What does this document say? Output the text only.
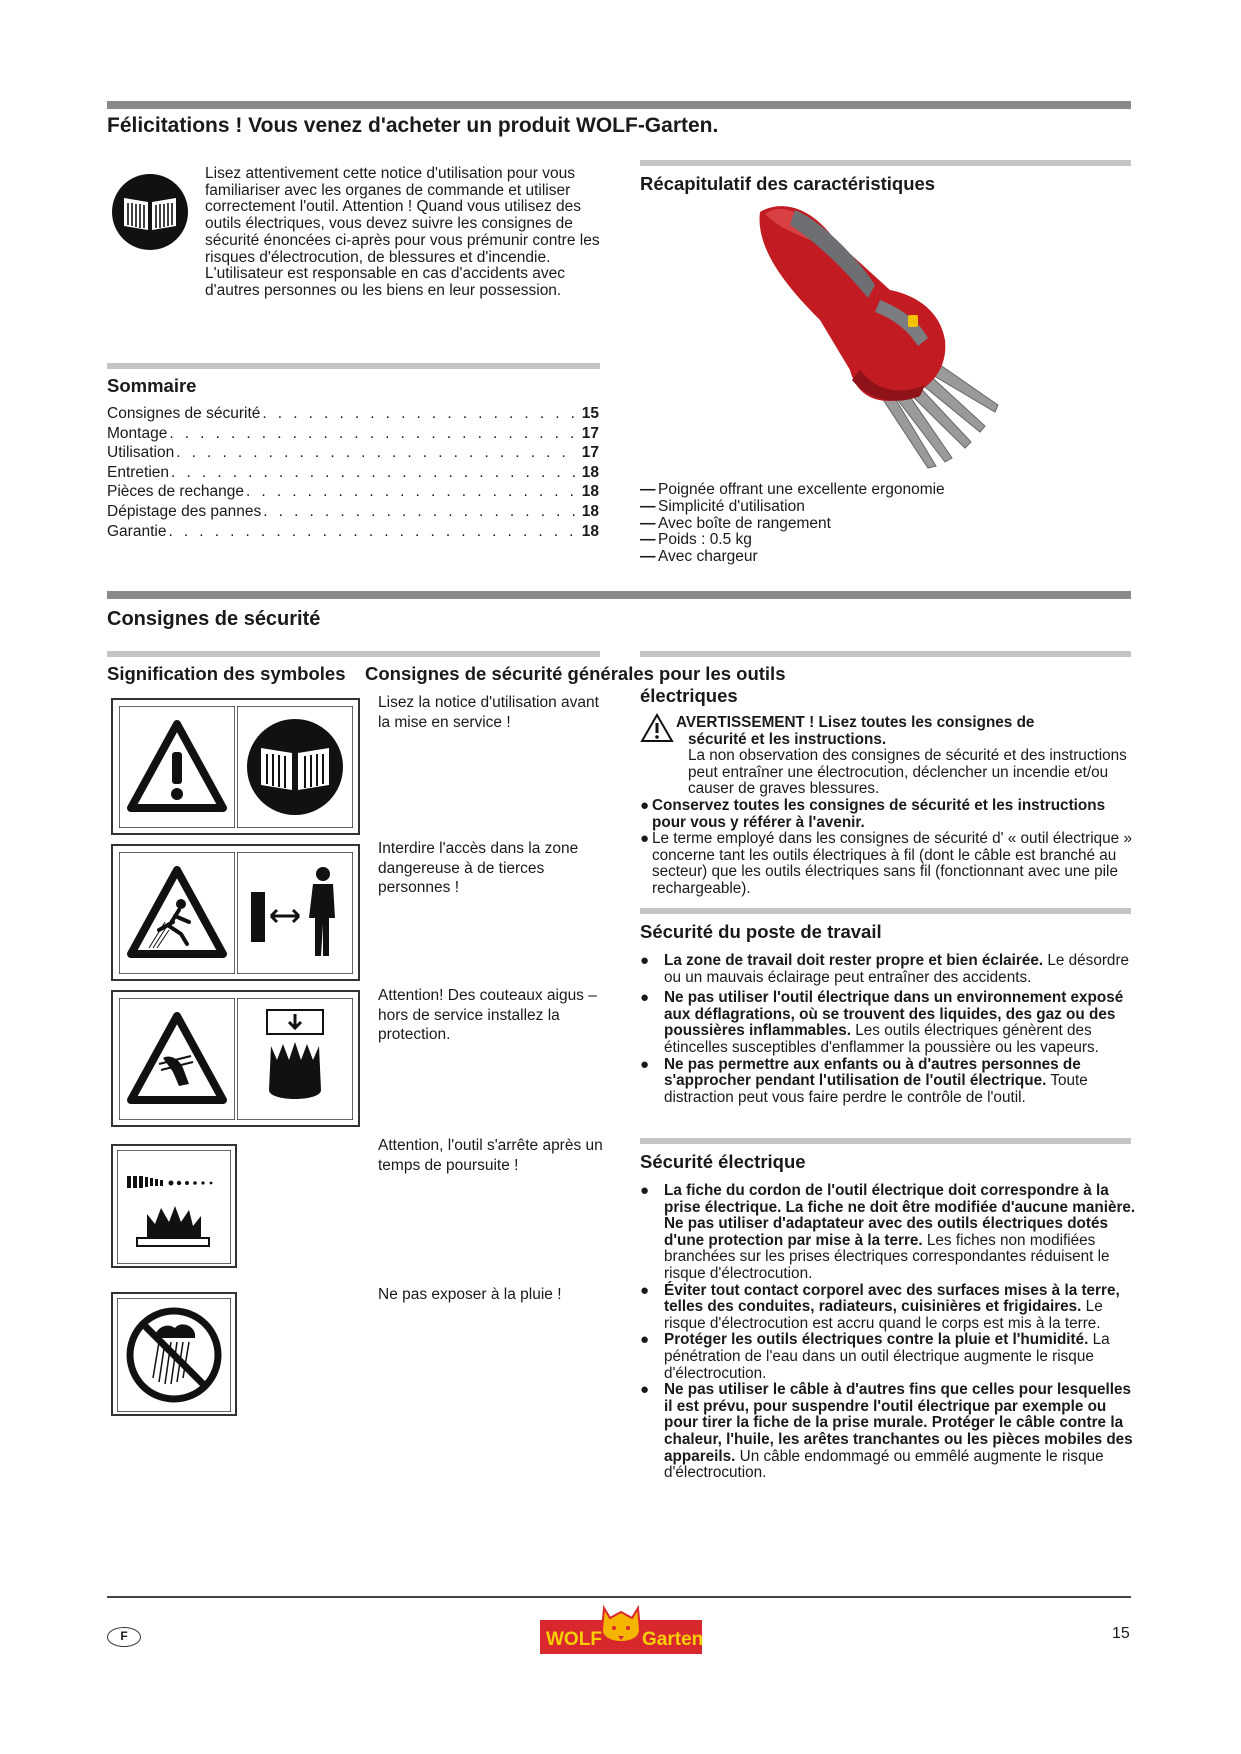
Félicitations ! Vous venez d'acheter un produit WOLF-Garten.

Lisez attentivement cette notice d'utilisation pour vous familiariser avec les organes de commande et utiliser correctement l'outil. Attention ! Quand vous utilisez des outils électriques, vous devez suivre les consignes de sécurité énoncées ci-après pour vous prémunir contre les risques d'électrocution, de blessures et d'incendie. L'utilisateur est responsable en cas d'accidents avec d'autres personnes ou les biens en leur possession.

Récapitulatif des caractéristiques
— Poignée offrant une excellente ergonomie
— Simplicité d'utilisation
— Avec boîte de rangement
— Poids : 0.5 kg
— Avec chargeur
Sommaire
Consignes de sécurité . . .	15
Montage . . .	17
Utilisation . . .	17
Entretien . . .	18
Pièces de rechange . . .	18
Dépistage des pannes . . .	18
Garantie . . .	18
Consignes de sécurité
Signification des symboles

Lisez la notice d'utilisation avant la mise en service !

Interdire l'accès dans la zone dangereuse à de tierces personnes !

Attention! Des couteaux aigus – hors de service installez la protection.

Attention, l'outil s'arrête après un temps de poursuite !

Ne pas exposer à la pluie !

Consignes de sécurité générales pour les outils
électriques

AVERTISSEMENT ! Lisez toutes les consignes de

sécurité et les instructions.

La non observation des consignes de sécurité et des instructions peut entraîner une électrocution, déclencher un incendie et/ou causer de graves blessures.

● Conservez toutes les consignes de sécurité et les instructions pour vous y référer à l'avenir.

● Le terme employé dans les consignes de sécurité d' « outil électrique » concerne tant les outils électriques à fil (dont le câble est branché au secteur) que les outils électriques sans fil (fonctionnant avec une pile rechargeable).

Sécurité du poste de travail

● La zone de travail doit rester propre et bien éclairée. Le désordre ou un mauvais éclairage peut entraîner des accidents.

● Ne pas utiliser l'outil électrique dans un environnement exposé aux déflagrations, où se trouvent des liquides, des gaz ou des poussières inflammables. Les outils électriques génèrent des étincelles susceptibles d'enflammer la poussière ou les vapeurs.

● Ne pas permettre aux enfants ou à d'autres personnes de s'approcher pendant l'utilisation de l'outil électrique. Toute distraction peut vous faire perdre le contrôle de l'outil.

Sécurité électrique

● La fiche du cordon de l'outil électrique doit correspondre à la prise électrique. La fiche ne doit être modifiée d'aucune manière. Ne pas utiliser d'adaptateur avec des outils électriques dotés d'une protection par mise à la terre. Les fiches non modifiées branchées sur les prises électriques correspondantes réduisent le risque d'électrocution.

● Éviter tout contact corporel avec des surfaces mises à la terre, telles des conduites, radiateurs, cuisinières et frigidaires. Le risque d'électrocution est accru quand le corps est mis à la terre.

● Protéger les outils électriques contre la pluie et l'humidité. La pénétration de l'eau dans un outil électrique augmente le risque d'électrocution.

● Ne pas utiliser le câble à d'autres fins que celles pour lesquelles il est prévu, pour suspendre l'outil électrique par exemple ou pour tirer la fiche de la prise murale. Protéger le câble contre la chaleur, l'huile, les arêtes tranchantes ou les pièces mobiles des appareils. Un câble endommagé ou emmêlé augmente le risque d'électrocution.

F	WOLF Garten	15
